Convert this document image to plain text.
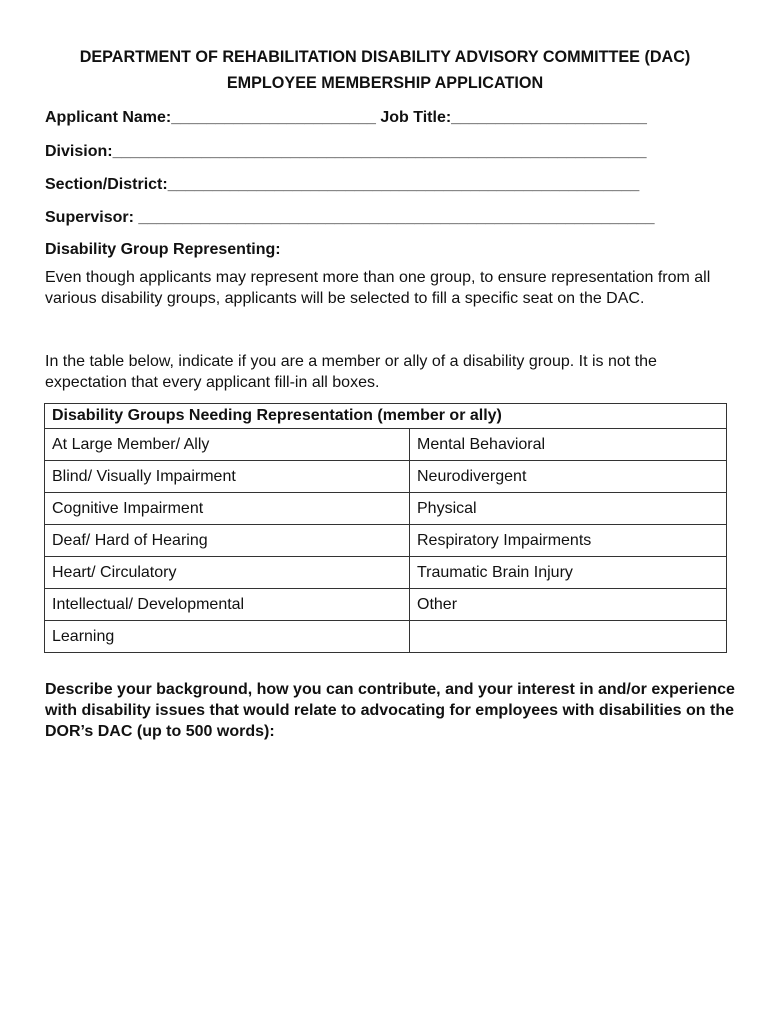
DEPARTMENT OF REHABILITATION DISABILITY ADVISORY COMMITTEE (DAC)
EMPLOYEE MEMBERSHIP APPLICATION
Applicant Name:_______________________ Job Title:______________________
Division:____________________________________________________________
Section/District:_____________________________________________________
Supervisor: __________________________________________________________
Disability Group Representing:
Even though applicants may represent more than one group, to ensure representation from all various disability groups, applicants will be selected to fill a specific seat on the DAC.
In the table below, indicate if you are a member or ally of a disability group. It is not the expectation that every applicant fill-in all boxes.
Disability Groups Needing Representation (member or ally)	
At Large Member/ Ally	Mental Behavioral
Blind/ Visually Impairment	Neurodivergent
Cognitive Impairment	Physical
Deaf/ Hard of Hearing	Respiratory Impairments
Heart/ Circulatory	Traumatic Brain Injury
Intellectual/ Developmental	Other
Learning	
Describe your background, how you can contribute, and your interest in and/or experience with disability issues that would relate to advocating for employees with disabilities on the DOR’s DAC (up to 500 words):
